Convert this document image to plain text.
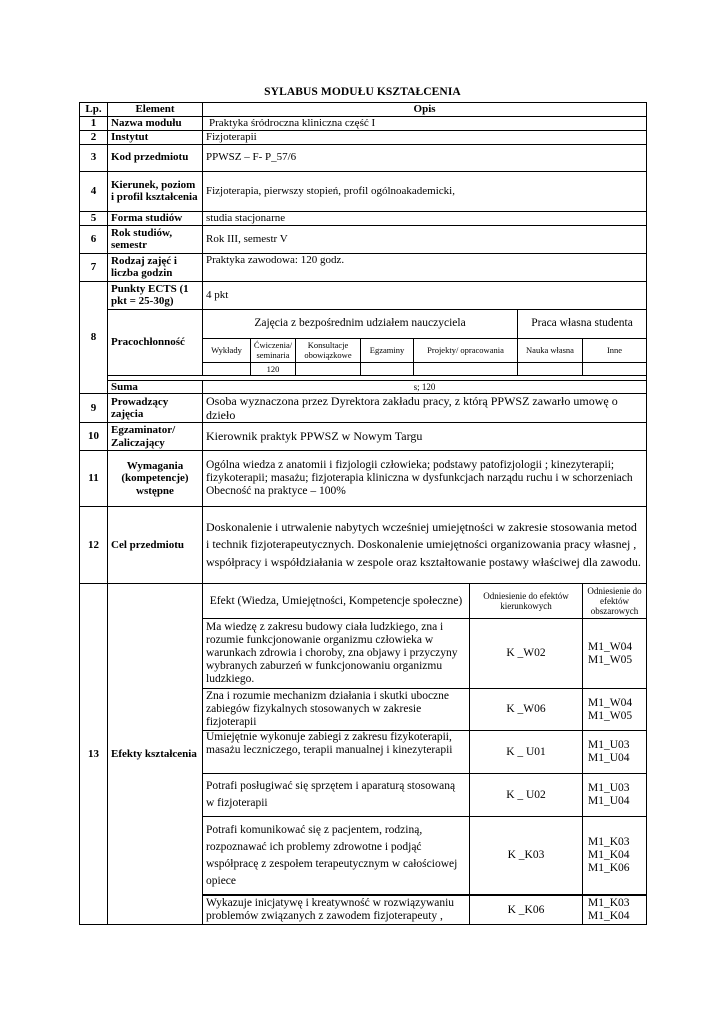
SYLABUS MODUŁU KSZTAŁCENIA
Lp.	Element	Opis							
1	Nazwa modułu	Praktyka śródroczna kliniczna część I							
2	Instytut	Fizjoterapii							
3	Kod przedmiotu	PPWSZ – F- P_57/6							
4	Kierunek, poziom i profil kształcenia	Fizjoterapia, pierwszy stopień, profil ogólnoakademicki,							
5	Forma studiów	studia stacjonarne							
6	Rok studiów, semestr	Rok III, semestr V							
7	Rodzaj zajęć i liczba godzin	Praktyka zawodowa: 120 godz.							
8	Punkty ECTS (1 pkt = 25-30g)	4 pkt							
	Pracochłonność	Zajęcia z bezpośrednim udziałem nauczyciela						Praca własna studenta	
		Wykłady	Ćwiczenia/ seminaria	Konsultacje obowiązkowe	Egzaminy	Projekty/ opracowania		Nauka własna	Inne
			120						

	Suma	s; 120							
9	Prowadzący zajęcia	Osoba wyznaczona przez Dyrektora zakładu pracy, z którą PPWSZ zawarło umowę o dzieło							
10	Egzaminator/ Zaliczający	Kierownik praktyk PPWSZ w Nowym Targu							
11	Wymagania (kompetencje) wstępne	Ogólna wiedza z anatomii i fizjologii człowieka; podstawy patofizjologii ; kinezyterapii; fizykoterapii; masażu; fizjoterapia kliniczna w dysfunkcjach narządu ruchu i w schorzeniach
Obecność na praktyce – 100%							

12	Cel przedmiotu	Doskonalenie i utrwalenie nabytych wcześniej umiejętności w zakresie stosowania metod i technik fizjoterapeutycznych. Doskonalenie umiejętności organizowania pracy własnej , współpracy i współdziałania w zespole oraz kształtowanie postawy właściwej dla zawodu.							
13	Efekty kształcenia	Efekt (Wiedza, Umiejętności, Kompetencje społeczne)					Odniesienie do efektów kierunkowych		Odniesienie do efektów obszarowych
		Ma wiedzę z zakresu budowy ciała ludzkiego, zna i rozumie funkcjonowanie organizmu człowieka w warunkach zdrowia i choroby, zna objawy i przyczyny wybranych zaburzeń w funkcjonowaniu organizmu ludzkiego.					K _W02		M1_W04
M1_W05
		Zna i rozumie mechanizm działania i skutki uboczne zabiegów fizykalnych stosowanych w zakresie fizjoterapii					K _W06		M1_W04
M1_W05
		Umiejętnie wykonuje zabiegi z zakresu fizykoterapii, masażu leczniczego, terapii manualnej i kinezyterapii					K _ U01		M1_U03
M1_U04
		Potrafi posługiwać się sprzętem i aparaturą stosowaną w fizjoterapii					K _ U02		M1_U03
M1_U04
		Potrafi komunikować się z pacjentem, rodziną, rozpoznawać ich problemy zdrowotne i podjąć współpracę z zespołem terapeutycznym w całościowej opiece					K _K03		M1_K03
M1_K04
M1_K06

		Wykazuje inicjatywę i kreatywność w rozwiązywaniu problemów związanych z zawodem fizjoterapeuty ,					K _K06		M1_K03
M1_K04
